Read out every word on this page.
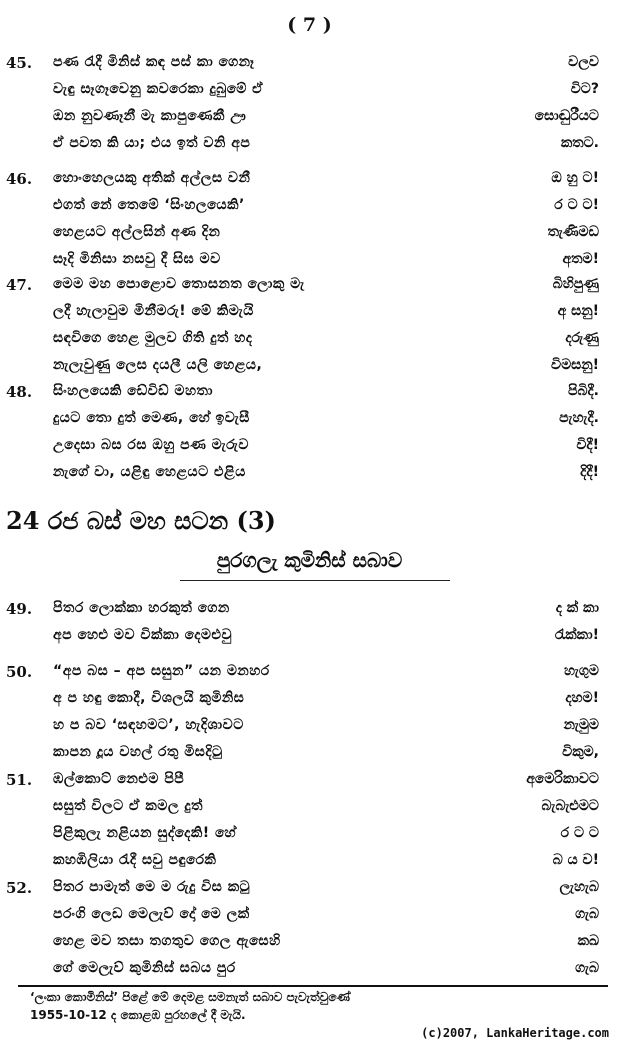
( 7 )
45. පණ රැදී මිනිස් කඳ පස් කා ගෙනෑ	වලව
වැඳු සෑගෑවෙනු කවරෙකා දුබුමේ ඒ	විට?
ඔන නුවණෑනී මැ කාපුණෙකී ඌ	සොඬුරීයට
ඒ පවත කි යා; එය ඉත් වනි අප	කතට.
46. හොංහෙලයකු අතික් අල්ලස වනී	ඔ හු ට!
එගත් නේ තෙමේ ‘සිංහලයෙකි’	ර ට ට!
හෙළයට අල්ලසින් අණ දින	තැණිමඩ
සෑදි මිනිසා නසවු දී සිඝ මව	අතම!
47. මෙම මහ පොළොව තොසනත ලොකු මැ	බිහිපුණු
ලදී හැලාවුම මිනීමරු! මේ කිමැයි	අ සනු!
සඳවිගෙ හෙළ මුලව ගිති දුත් හද	දරුණු
නැලැවුණු ලෙස දයලී යලි හෙළය,	විමසනු!
48. සිංහලයෙකි ඩේවිඩ් මහතා	පිබිදී.
දුයට තො දුත් මෙණ, හේ ඉවැසී	පැහැදී.
උදෙසා බස රස ඔහු පණ මැරුව	විදී!
නැගේ වා, යළිඳු හෙළයට එළිය	දිදී!
24 රජ බස් මහ සටන (3)
පුරගලැ කුමිනිස් සබාව
49. පිතර ලොක්කා හරකුත් ගෙන	ද ක් කා
අප හෙළු මව වික්කා දෙමළුවු	රැක්කා!
50. “අප බස – අප සසුන” යන මනහර	හැගුම
අ ප හඳු කොදී, විශලයි කුමිනිස	දහම!
හ ප බව ‘සඳහමට’, හැදිශාවට	නැමුම
කාපන දූය වහල් රතු මිසදිටු	විකුම,
51. ඹල්කොට් නෙළුම පිපී	අමෙරිකාවට
සසුත් විලට ඒ කමල දුත්	බැබැළුමට
පිළිකුලැ නළියන සුද්දෙකි! හේ	ර ට ට
කහඹිලියා රැදී සවු පඳුරෙකි	බ ය ව!
52. පිතර පාමැත් මෙ ම රුදු විස කටු	ලැහැබ
පරංගි ලෙඩ මෙලැව් දෝ මෙ ලක්	ගැබ
හෙළ මව තසා තගතුව ගෙල ඇසෙහි	කඛ
ගේ මෙලැව් කුමිනිස් සබය පුර	ගැබ
‘ලංකා කොමිනිස්’ පිළේ මේ දෙමළ සමනැත් සබාව පැවැත්වුණේ
1955-10-12 ද කොළඹ පුරහලේ දී මැයි.
(c)2007, LankaHeritage.com
